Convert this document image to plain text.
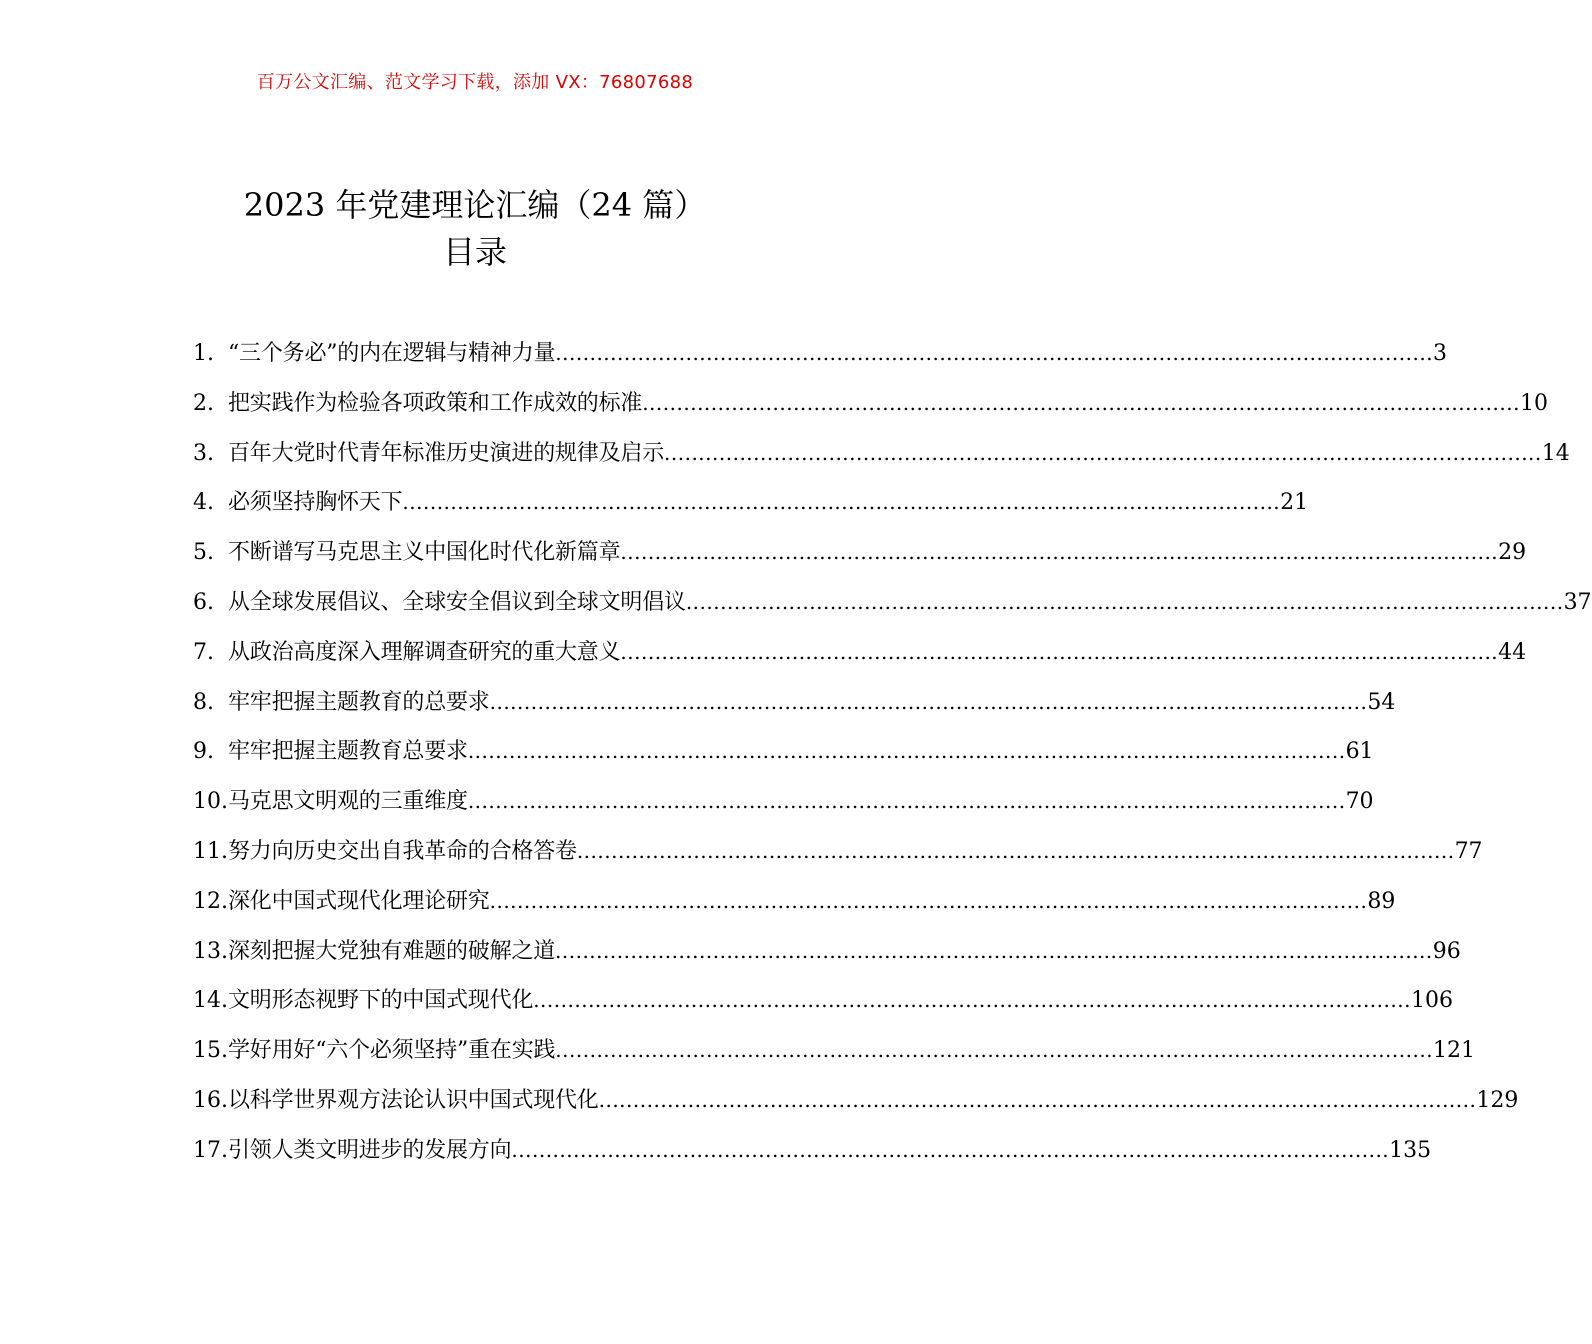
百万公文汇编、范文学习下载，添加 VX：76807688
2023 年党建理论汇编（24 篇）
目录
1. “三个务必”的内在逻辑与精神力量 .....	3
2. 把实践作为检验各项政策和工作成效的标准 .....	10
3. 百年大党时代青年标准历史演进的规律及启示 .....	14
4. 必须坚持胸怀天下 .....	21
5. 不断谱写马克思主义中国化时代化新篇章 .....	29
6. 从全球发展倡议、全球安全倡议到全球文明倡议 .....	37
7. 从政治高度深入理解调查研究的重大意义 .....	44
8. 牢牢把握主题教育的总要求 .....	54
9. 牢牢把握主题教育总要求 .....	61
10. 马克思文明观的三重维度 .....	70
11. 努力向历史交出自我革命的合格答卷 .....	77
12. 深化中国式现代化理论研究 .....	89
13. 深刻把握大党独有难题的破解之道 .....	96
14. 文明形态视野下的中国式现代化 .....	106
15. 学好用好“六个必须坚持”重在实践 .....	121
16. 以科学世界观方法论认识中国式现代化 .....	129
17. 引领人类文明进步的发展方向 .....	135
